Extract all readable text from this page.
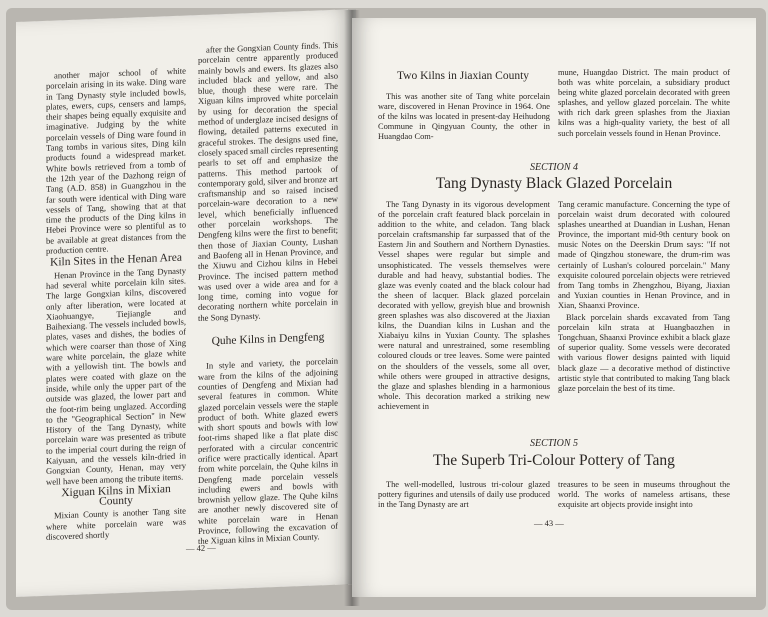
another major school of white porcelain arising in its wake. Ding ware in Tang Dynasty style included bowls, plates, ewers, cups, censers and lamps, their shapes being equally exquisite and imaginative. Judging by the white porcelain vessels of Ding ware found in Tang tombs in various sites, Ding kiln products found a widespread market. White bowls retrieved from a tomb of the 12th year of the Dazhong reign of Tang (A.D. 858) in Guangzhou in the far south were identical with Ding ware vessels of Tang, showing that at that time the products of the Ding kilns in Hebei Province were so plentiful as to be available at great distances from the production centre.

Kiln Sites in the Henan Area

Henan Province in the Tang Dynasty had several white porcelain kiln sites. The large Gongxian kilns, discovered only after liberation, were located at Xiaohuangye, Tiejiangle and Baihexiang. The vessels included bowls, plates, vases and dishes, the bodies of which were coarser than those of Xing ware white porcelain, the glaze white with a yellowish tint. The bowls and plates were coated with glaze on the inside, while only the upper part of the outside was glazed, the lower part and the foot-rim being unglazed. According to the "Geographical Section" in New History of the Tang Dynasty, white porcelain ware was presented as tribute to the imperial court during the reign of Kaiyuan, and the vessels kiln-dried in Gongxian County, Henan, may very well have been among the tribute items.

Xiguan Kilns in Mixian County

Mixian County is another Tang site where white porcelain ware was discovered shortly

after the Gongxian County finds. This porcelain centre apparently produced mainly bowls and ewers. Its glazes also included black and yellow, and also blue, though these were rare. The Xiguan kilns improved white porcelain by using for decoration the special method of underglaze incised designs of flowing, detailed patterns executed in graceful strokes. The designs used fine, closely spaced small circles representing pearls to set off and emphasize the patterns. This method partook of contemporary gold, silver and bronze art craftsmanship and so raised incised porcelain-ware decoration to a new level, which beneficially influenced other porcelain workshops. The Dengfeng kilns were the first to benefit; then those of Jiaxian County, Lushan and Baofeng all in Henan Province, and the Xiuwu and Cizhou kilns in Hebei Province. The incised pattern method was used over a wide area and for a long time, coming into vogue for decorating northern white porcelain in the Song Dynasty.

Quhe Kilns in Dengfeng

In style and variety, the porcelain ware from the kilns of the adjoining counties of Dengfeng and Mixian had several features in common. White glazed porcelain vessels were the staple product of both. White glazed ewers with short spouts and bowls with low foot-rims shaped like a flat plate disc perforated with a circular concentric orifice were practically identical. Apart from white porcelain, the Quhe kilns in Dengfeng made porcelain vessels including ewers and bowls with brownish yellow glaze. The Quhe kilns are another newly discovered site of white porcelain ware in Henan Province, following the excavation of the Xiguan kilns in Mixian County.

— 42 —
Two Kilns in Jiaxian County

This was another site of Tang white porcelain ware, discovered in Henan Province in 1964. One of the kilns was located in present-day Heihudong Commune in Qingyuan County, the other in Huangdao Com-

mune, Huangdao District. The main product of both was white porcelain, a subsidiary product being white glazed porcelain decorated with green splashes, and yellow glazed porcelain. The white with rich dark green splashes from the Jiaxian kilns was a high-quality variety, the best of all such porcelain vessels found in Henan Province.

SECTION 4
Tang Dynasty Black Glazed Porcelain

The Tang Dynasty in its vigorous development of the porcelain craft featured black porcelain in addition to the white, and celadon. Tang black porcelain craftsmanship far surpassed that of the Eastern Jin and Southern and Northern Dynasties. Vessel shapes were regular but simple and unsophisticated. The vessels themselves were durable and had heavy, substantial bodies. The glaze was evenly coated and the black colour had the sheen of lacquer. Black glazed porcelain decorated with yellow, greyish blue and brownish green splashes was also discovered at the Jiaxian kilns, the Duandian kilns in Lushan and the Xiabaiyu kilns in Yuxian County. The splashes were natural and unrestrained, some resembling coloured clouds or tree leaves. Some were painted on the shoulders of the vessels, some all over, while others were grouped in attractive designs, the glaze and splashes blending in a harmonious whole. This decoration marked a striking new achievement in

Tang ceramic manufacture. Concerning the type of porcelain waist drum decorated with coloured splashes unearthed at Duandian in Lushan, Henan Province, the important mid-9th century book on music Notes on the Deerskin Drum says: "If not made of Qingzhou stoneware, the drum-rim was certainly of Lushan's coloured porcelain." Many exquisite coloured porcelain objects were retrieved from Tang tombs in Zhengzhou, Biyang, Jiaxian and Yuxian counties in Henan Province, and in Xian, Shaanxi Province.

Black porcelain shards excavated from Tang porcelain kiln strata at Huangbaozhen in Tongchuan, Shaanxi Province exhibit a black glaze of superior quality. Some vessels were decorated with various flower designs painted with liquid black glaze — a decorative method of distinctive artistic style that contributed to making Tang black glaze porcelain the best of its time.

SECTION 5
The Superb Tri-Colour Pottery of Tang

The well-modelled, lustrous tri-colour glazed pottery figurines and utensils of daily use produced in the Tang Dynasty are art

treasures to be seen in museums throughout the world. The works of nameless artisans, these exquisite art objects provide insight into

— 43 —
